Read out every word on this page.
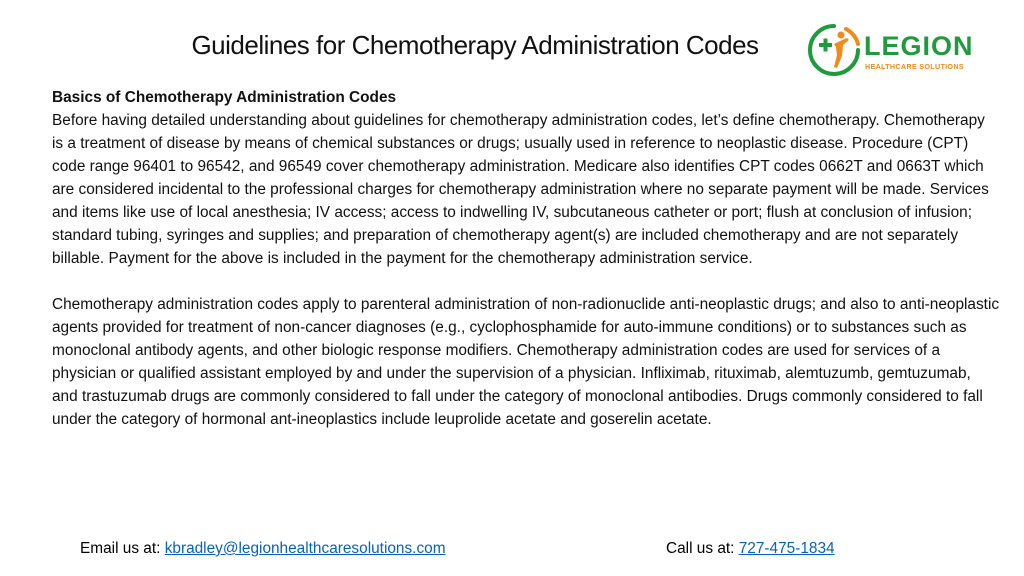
Guidelines for Chemotherapy Administration Codes	LEGION
HEALTHCARE SOLUTIONS

Basics of Chemotherapy Administration Codes
Before having detailed understanding about guidelines for chemotherapy administration codes, let’s define chemotherapy. Chemotherapy is a treatment of disease by means of chemical substances or drugs; usually used in reference to neoplastic disease. Procedure (CPT) code range 96401 to 96542, and 96549 cover chemotherapy administration. Medicare also identifies CPT codes 0662T and 0663T which are considered incidental to the professional charges for chemotherapy administration where no separate payment will be made. Services and items like use of local anesthesia; IV access; access to indwelling IV, subcutaneous catheter or port; flush at conclusion of infusion; standard tubing, syringes and supplies; and preparation of chemotherapy agent(s) are included chemotherapy and are not separately billable. Payment for the above is included in the payment for the chemotherapy administration service.

Chemotherapy administration codes apply to parenteral administration of non-radionuclide anti-neoplastic drugs; and also to anti-neoplastic agents provided for treatment of non-cancer diagnoses (e.g., cyclophosphamide for auto-immune conditions) or to substances such as monoclonal antibody agents, and other biologic response modifiers. Chemotherapy administration codes are used for services of a physician or qualified assistant employed by and under the supervision of a physician. Infliximab, rituximab, alemtuzumb, gemtuzumab, and trastuzumab drugs are commonly considered to fall under the category of monoclonal antibodies. Drugs commonly considered to fall under the category of hormonal ant-ineoplastics include leuprolide acetate and goserelin acetate.

Email us at: kbradley@legionhealthcaresolutions.com	Call us at: 727-475-1834
